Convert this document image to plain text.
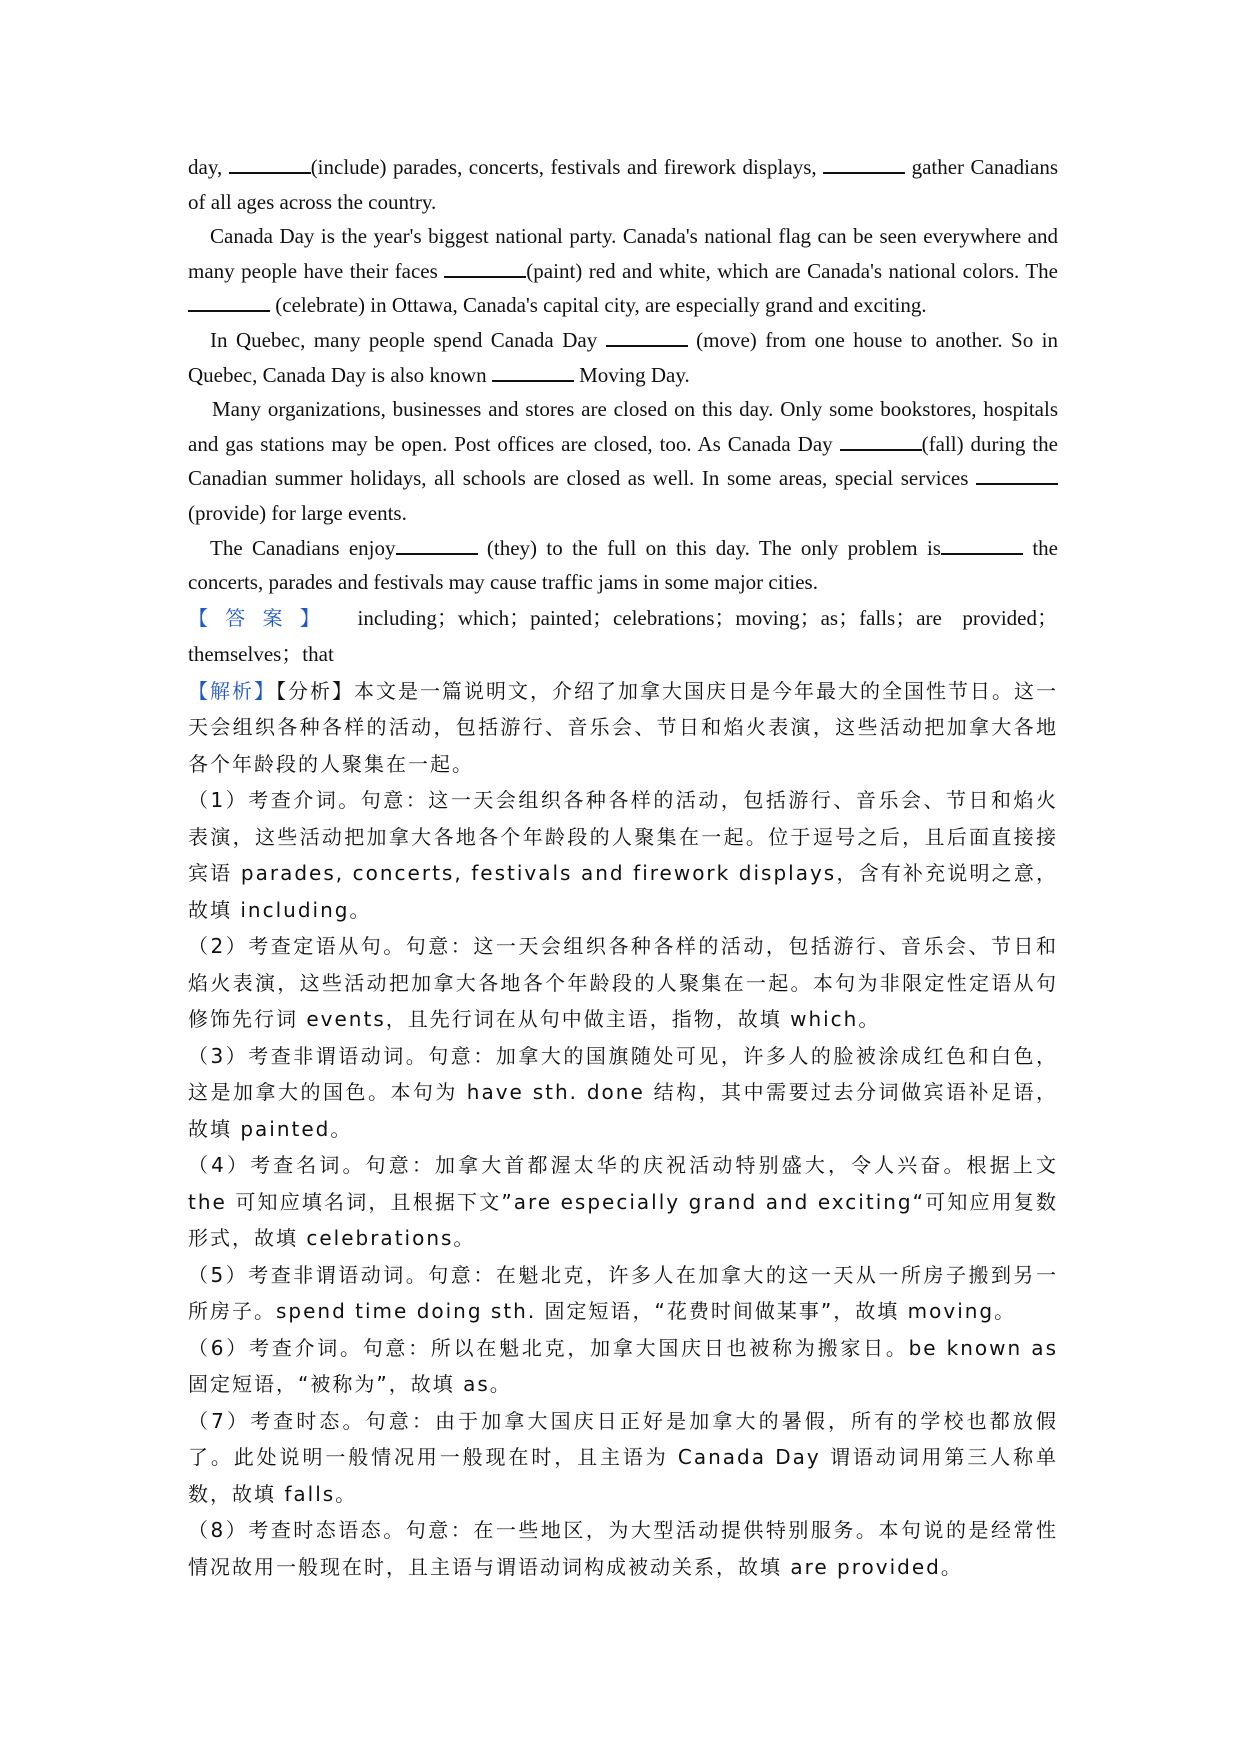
day,	(include) parades, concerts, festivals and firework displays,	gather Canadians of all ages across the country.

Canada Day is the year's biggest national party. Canada's national flag can be seen everywhere and many people have their faces	(paint) red and white, which are Canada's national colors. The  (celebrate) in Ottawa, Canada's capital city, are especially grand and exciting.

In Quebec, many people spend Canada Day	(move) from one house to another. So in Quebec, Canada Day is also known	Moving Day.

Many organizations, businesses and stores are closed on this day. Only some bookstores, hospitals and gas stations may be open. Post offices are closed, too. As Canada Day	(fall) during the Canadian summer holidays, all schools are closed as well. In some areas, special services  (provide) for large events.

The Canadians enjoy	(they) to the full on this day. The only problem is	the concerts, parades and festivals may cause traffic jams in some major cities.

【答案】 including；which；painted；celebrations；moving；as；falls；are provided；themselves；that

【解析】【分析】本文是一篇说明文，介绍了加拿大国庆日是今年最大的全国性节日。这一天会组织各种各样的活动，包括游行、音乐会、节日和焰火表演，这些活动把加拿大各地各个年龄段的人聚集在一起。

（1）考查介词。句意：这一天会组织各种各样的活动，包括游行、音乐会、节日和焰火表演，这些活动把加拿大各地各个年龄段的人聚集在一起。位于逗号之后，且后面直接接宾语 parades, concerts, festivals and firework displays，含有补充说明之意，故填 including。

（2）考查定语从句。句意：这一天会组织各种各样的活动，包括游行、音乐会、节日和焰火表演，这些活动把加拿大各地各个年龄段的人聚集在一起。本句为非限定性定语从句修饰先行词 events，且先行词在从句中做主语，指物，故填 which。

（3）考查非谓语动词。句意：加拿大的国旗随处可见，许多人的脸被涂成红色和白色，这是加拿大的国色。本句为 have sth. done 结构，其中需要过去分词做宾语补足语，故填 painted。

（4）考查名词。句意：加拿大首都渥太华的庆祝活动特别盛大，令人兴奋。根据上文 the 可知应填名词，且根据下文”are especially grand and exciting“可知应用复数形式，故填 celebrations。

（5）考查非谓语动词。句意：在魁北克，许多人在加拿大的这一天从一所房子搬到另一所房子。spend time doing sth. 固定短语，“花费时间做某事”，故填 moving。

（6）考查介词。句意：所以在魁北克，加拿大国庆日也被称为搬家日。be known as 固定短语，“被称为”，故填 as。

（7）考查时态。句意：由于加拿大国庆日正好是加拿大的暑假，所有的学校也都放假了。此处说明一般情况用一般现在时，且主语为 Canada Day 谓语动词用第三人称单数，故填 falls。

（8）考查时态语态。句意：在一些地区，为大型活动提供特别服务。本句说的是经常性情况故用一般现在时，且主语与谓语动词构成被动关系，故填 are provided。
